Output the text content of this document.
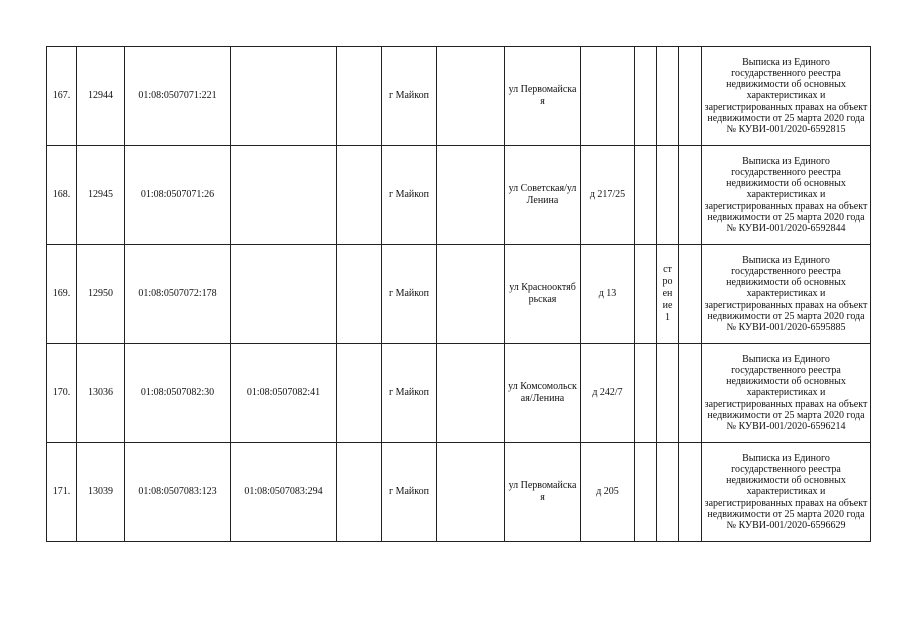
167.	12944	01:08:0507071:221			г Майкоп		ул Первомайская					Выписка из Единого государственного реестра недвижимости об основных характеристиках и зарегистрированных правах на объект недвижимости от 25 марта 2020 года № КУВИ-001/2020-6592815
168.	12945	01:08:0507071:26			г Майкоп		ул Советская/ул Ленина	д 217/25				Выписка из Единого государственного реестра недвижимости об основных характеристиках и зарегистрированных правах на объект недвижимости от 25 марта 2020 года № КУВИ-001/2020-6592844
169.	12950	01:08:0507072:178			г Майкоп		ул Краснооктябрьская	д 13		строение 1		Выписка из Единого государственного реестра недвижимости об основных характеристиках и зарегистрированных правах на объект недвижимости от 25 марта 2020 года № КУВИ-001/2020-6595885
170.	13036	01:08:0507082:30	01:08:0507082:41		г Майкоп		ул Комсомольская/Ленина	д 242/7				Выписка из Единого государственного реестра недвижимости об основных характеристиках и зарегистрированных правах на объект недвижимости от 25 марта 2020 года № КУВИ-001/2020-6596214
171.	13039	01:08:0507083:123	01:08:0507083:294		г Майкоп		ул Первомайская	д 205				Выписка из Единого государственного реестра недвижимости об основных характеристиках и зарегистрированных правах на объект недвижимости от 25 марта 2020 года № КУВИ-001/2020-6596629
